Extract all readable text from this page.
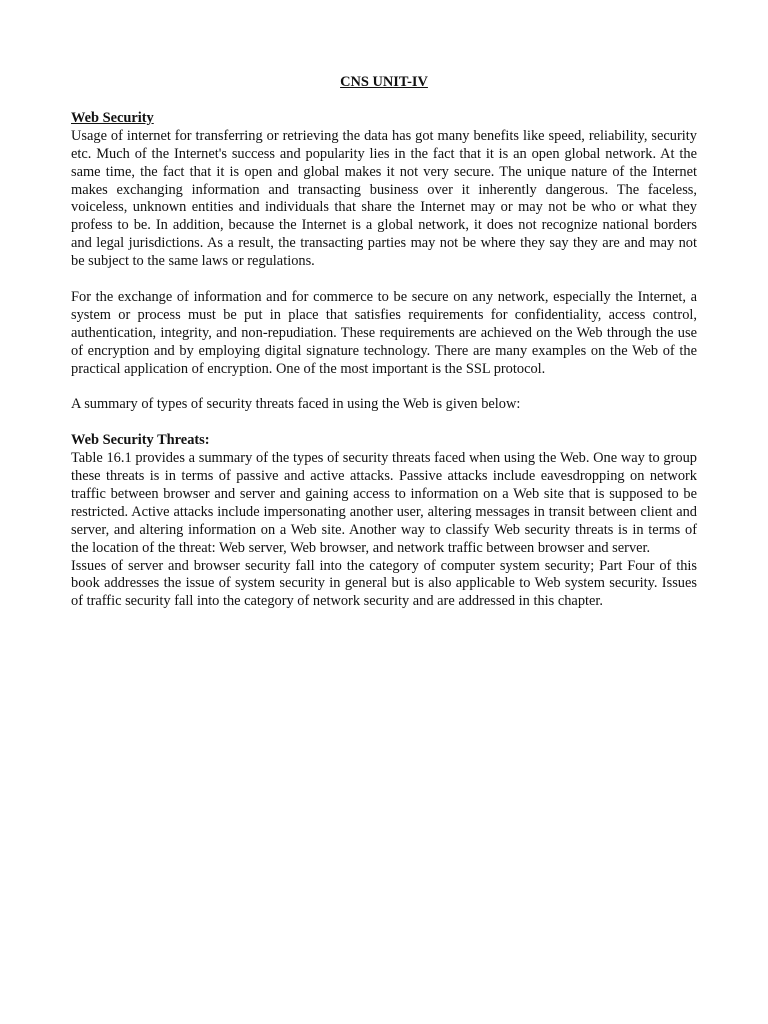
CNS UNIT-IV
Web Security

Usage of internet for transferring or retrieving the data has got many benefits like speed, reliability, security etc. Much of the Internet's success and popularity lies in the fact that it is an open global network. At the same time, the fact that it is open and global makes it not very secure. The unique nature of the Internet makes exchanging information and transacting business over it inherently dangerous. The faceless, voiceless, unknown entities and individuals that share the Internet may or may not be who or what they profess to be. In addition, because the Internet is a global network, it does not recognize national borders and legal jurisdictions. As a result, the transacting parties may not be where they say they are and may not be subject to the same laws or regulations.

For the exchange of information and for commerce to be secure on any network, especially the Internet, a system or process must be put in place that satisfies requirements for confidentiality, access control, authentication, integrity, and non-repudiation. These requirements are achieved on the Web through the use of encryption and by employing digital signature technology. There are many examples on the Web of the practical application of encryption. One of the most important is the SSL protocol.

A summary of types of security threats faced in using the Web is given below:

Web Security Threats:

Table 16.1 provides a summary of the types of security threats faced when using the Web. One way to group these threats is in terms of passive and active attacks. Passive attacks include eavesdropping on network traffic between browser and server and gaining access to information on a Web site that is supposed to be restricted. Active attacks include impersonating another user, altering messages in transit between client and server, and altering information on a Web site. Another way to classify Web security threats is in terms of the location of the threat: Web server, Web browser, and network traffic between browser and server.

Issues of server and browser security fall into the category of computer system security; Part Four of this book addresses the issue of system security in general but is also applicable to Web system security. Issues of traffic security fall into the category of network security and are addressed in this chapter.
